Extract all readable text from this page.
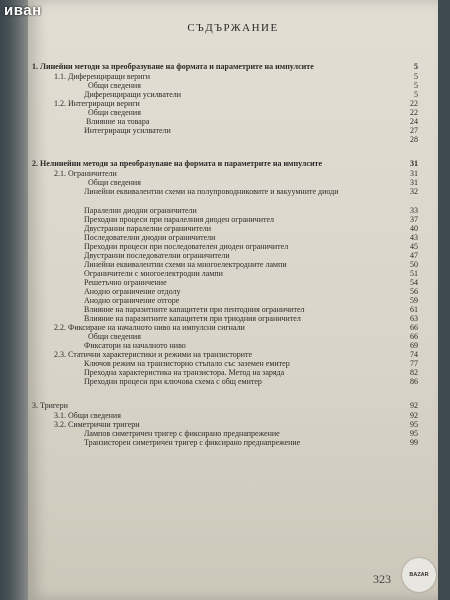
СЪДЪРЖАНИЕ
1. Линейни методи за преобразуване на формата и параметрите на импулсите	5
1.1. Диференциращи вериги	5
Общи сведения	5
Диференциращи усилватели	5
1.2. Интегриращи вериги	22
Общи сведения	22
Влияние на товара	24
Интегриращи усилватели	27
28
2. Нелинейни методи за преобразуване на формата и параметрите на импулсите	31
2.1. Ограничители	31
Общи сведения	31
Линейни еквивалентни схеми на полупроводниковите и вакуумните диоди	32
Паралелни диодни ограничители	33
Преходни процеси при паралелния диоден ограничител	37
Двустранни паралелни ограничители	40
Последователни диодни ограничители	43
Преходни процеси при последователен диоден ограничител	45
Двустранни последователни ограничители	47
Линейни еквивалентни схеми на многоелектродните лампи	50
Ограничители с многоелектродни лампи	51
Решетъчно ограничение	54
Анодно ограничение отдолу	56
Анодно ограничение отгоре	59
Влияние на паразитните капацитети при пентодния ограничител	61
Влияние на паразитните капацитети при триодния ограничител	63
2.2. Фиксиране на началното ниво на импулсни сигнали	66
Общи сведения	66
Фиксатори на началното ниво	69
2.3. Статични характеристики и режими на транзисторите	74
Ключов режим на транзисторно стъпало със заземен емитер	77
Преходна характеристика на транзистора. Метод на заряда	82
Преходни процеси при ключова схема с общ емитер	86
3. Тригери	92
3.1. Общи сведения	92
3.2. Симетрични тригери	95
Лампов симетричен тригер с фиксирано преднапрежение	95
Транзисторен симетричен тригер с фиксирано преднапрежение	99
323
иван
BAZAR
